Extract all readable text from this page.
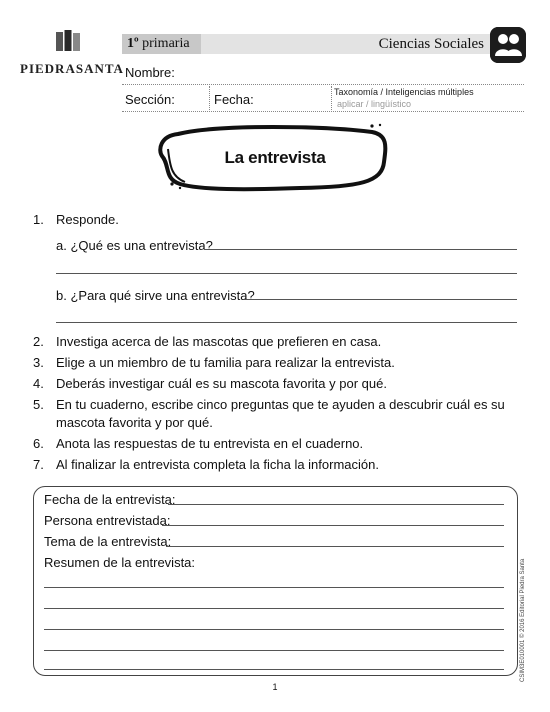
PIEDRASANTA
1º primaria	Ciencias Sociales
Nombre:
Sección:	Fecha:	Taxonomía / Inteligencias múltiples
aplicar / lingüístico
La entrevista
1. Responde.
a. ¿Qué es una entrevista?
b. ¿Para qué sirve una entrevista?
2. Investiga acerca de las mascotas que prefieren en casa.
3. Elige a un miembro de tu familia para realizar la entrevista.
4. Deberás investigar cuál es su mascota favorita y por qué.
5. En tu cuaderno, escribe cinco preguntas que te ayuden a descubrir cuál es su
mascota favorita y por qué.
6. Anota las respuestas de tu entrevista en el cuaderno.
7. Al finalizar la entrevista completa la ficha la información.
Fecha de la entrevista:
Persona entrevistada:
Tema de la entrevista:
Resumen de la entrevista:	CSIM3E010001 © 2016 Editorial Piedra Santa
1
